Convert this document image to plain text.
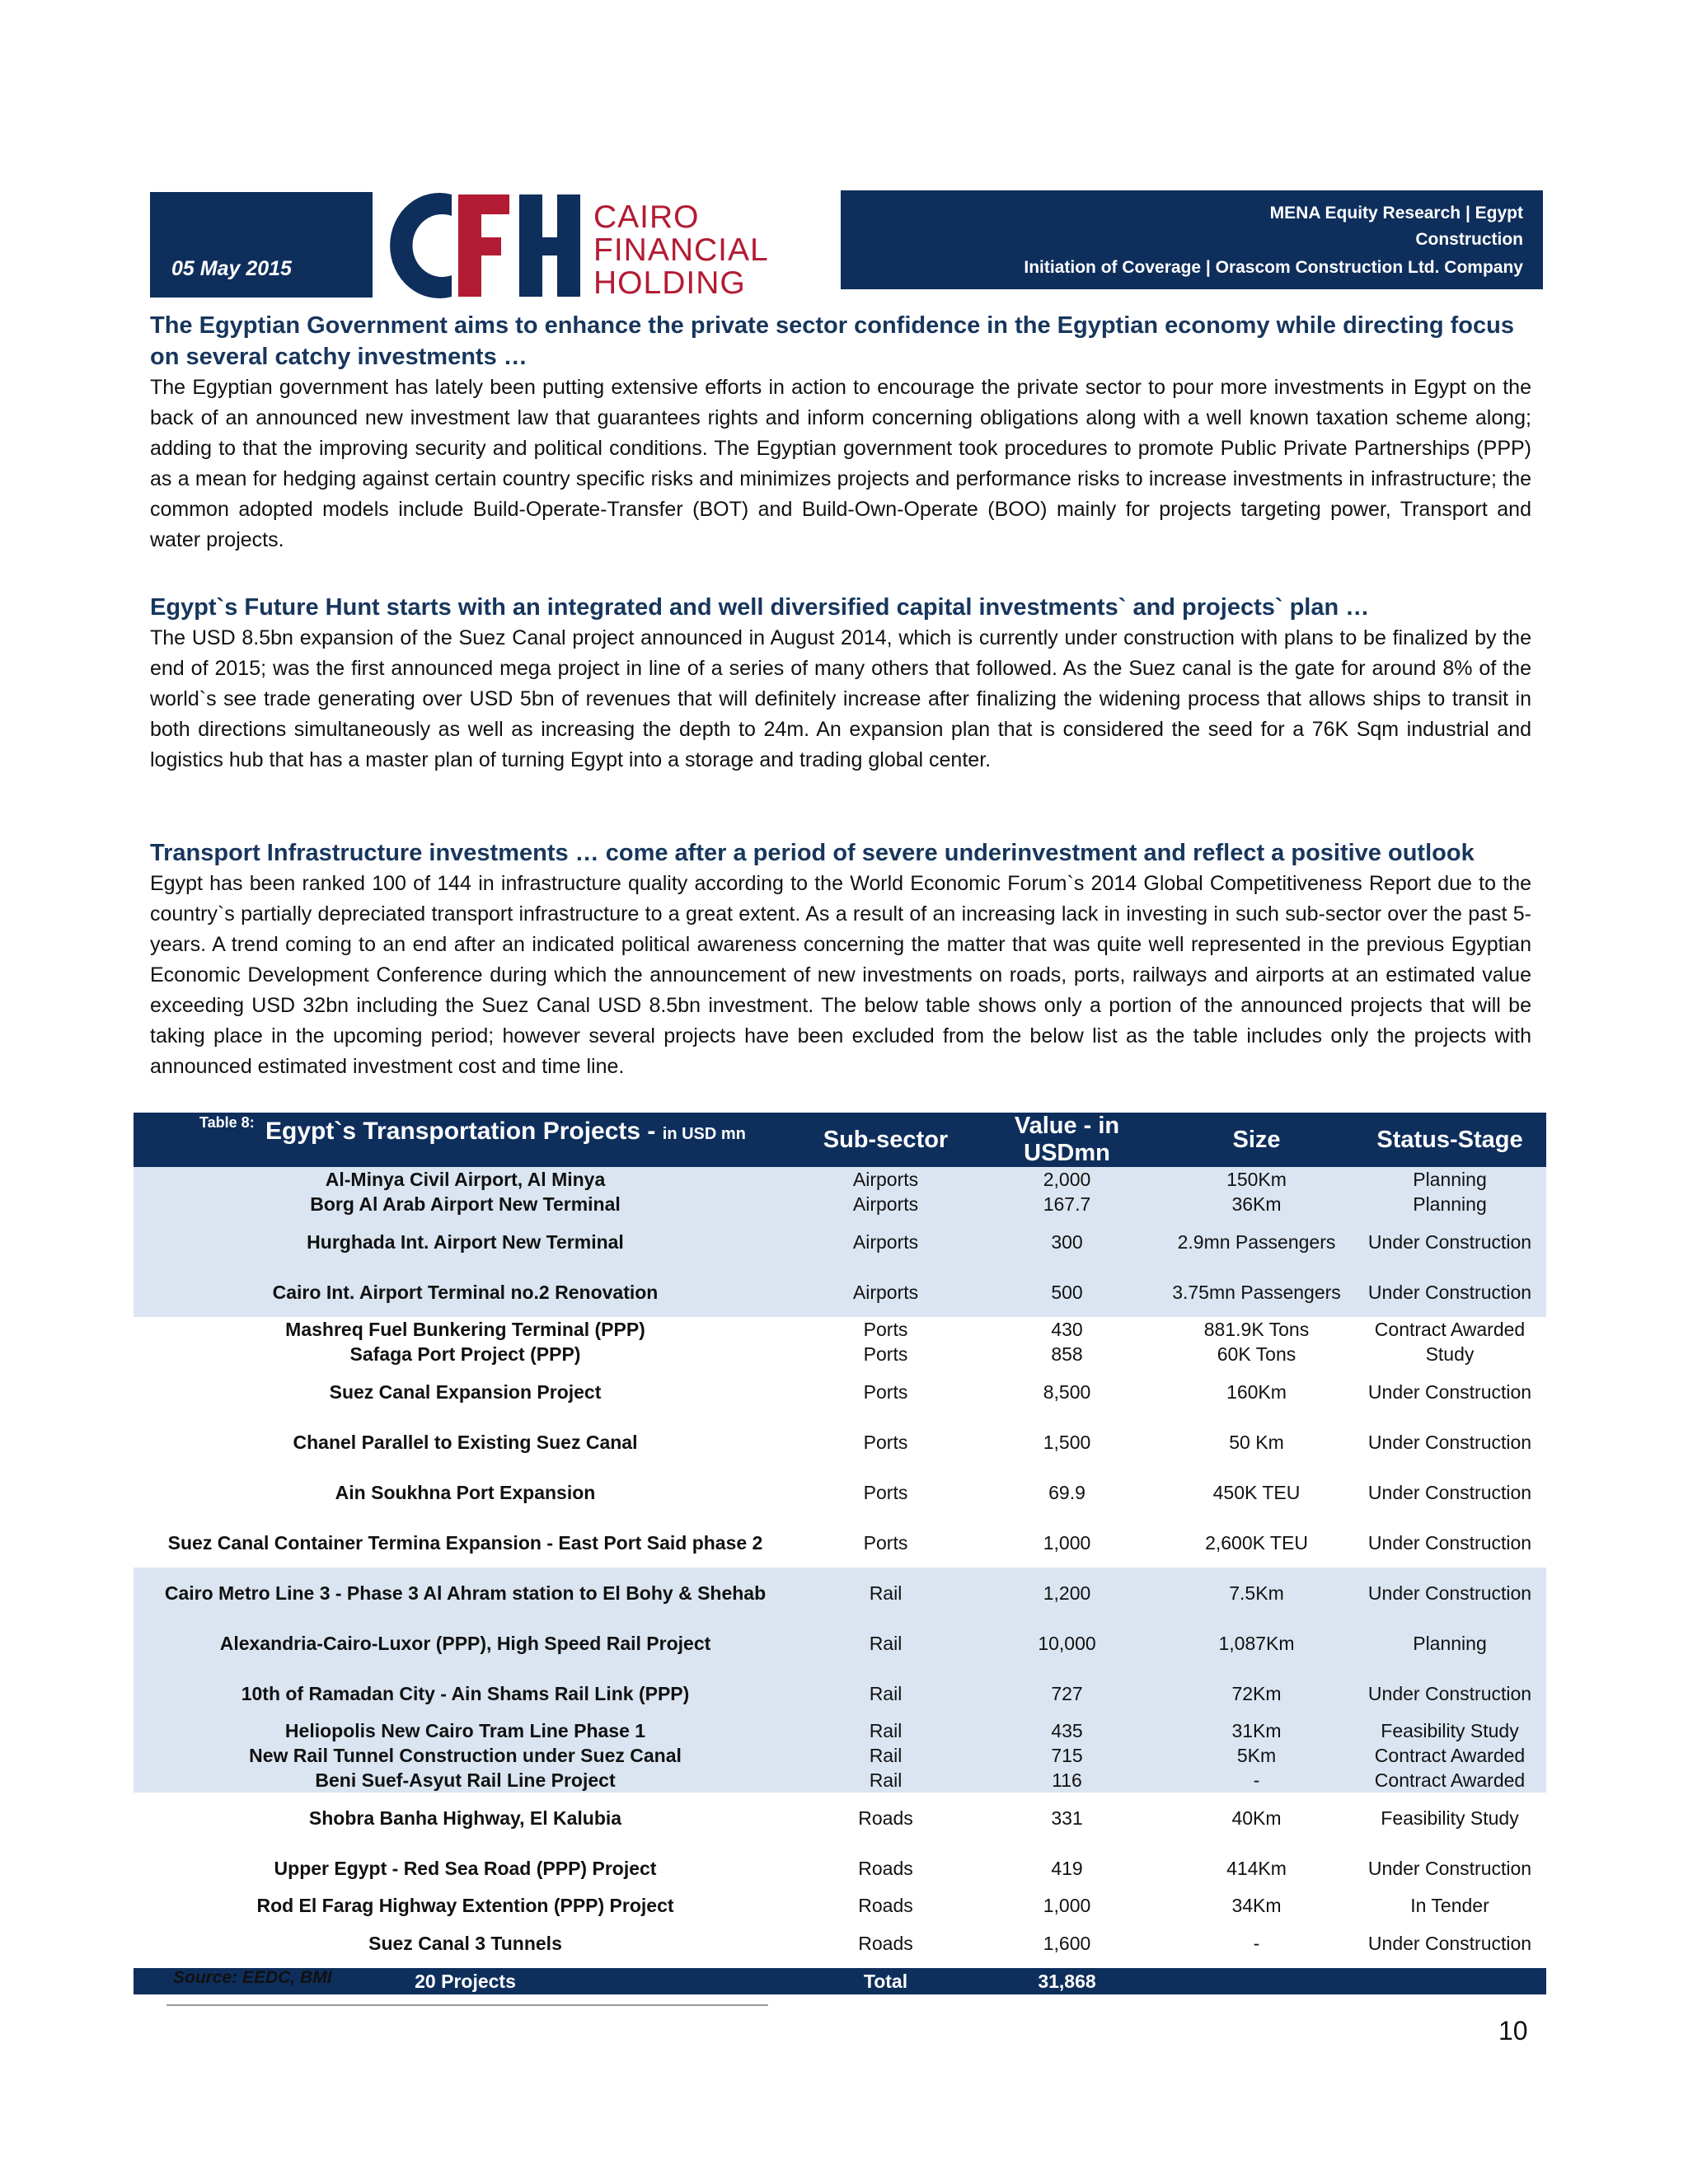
05 May 2015
CAIRO
FINANCIAL
HOLDING
MENA Equity Research | Egypt
Construction
Initiation of Coverage | Orascom Construction Ltd. Company
The Egyptian Government aims to enhance the private sector confidence in the Egyptian economy while directing focus on several catchy investments …

The Egyptian government has lately been putting extensive efforts in action to encourage the private sector to pour more investments in Egypt on the back of an announced new investment law that guarantees rights and inform concerning obligations along with a well known taxation scheme along; adding to that the improving security and political conditions. The Egyptian government took procedures to promote Public Private Partnerships (PPP) as a mean for hedging against certain country specific risks and minimizes projects and performance risks to increase investments in infrastructure; the common adopted models include Build-Operate-Transfer (BOT) and Build-Own-Operate (BOO) mainly for projects targeting power, Transport and water projects.

Egypt`s Future Hunt starts with an integrated and well diversified capital investments` and projects` plan …

The USD 8.5bn expansion of the Suez Canal project announced in August 2014, which is currently under construction with plans to be finalized by the end of 2015; was the first announced mega project in line of a series of many others that followed. As the Suez canal is the gate for around 8% of the world`s see trade generating over USD 5bn of revenues that will definitely increase after finalizing the widening process that allows ships to transit in both directions simultaneously as well as increasing the depth to 24m. An expansion plan that is considered the seed for a 76K Sqm industrial and logistics hub that has a master plan of turning Egypt into a storage and trading global center.

Transport Infrastructure investments … come after a period of severe underinvestment and reflect a positive outlook

Egypt has been ranked 100 of 144 in infrastructure quality according to the World Economic Forum`s 2014 Global Competitiveness Report due to the country`s partially depreciated transport infrastructure to a great extent. As a result of an increasing lack in investing in such sub-sector over the past 5-years. A trend coming to an end after an indicated political awareness concerning the matter that was quite well represented in the previous Egyptian Economic Development Conference during which the announcement of new investments on roads, ports, railways and airports at an estimated value exceeding USD 32bn including the Suez Canal USD 8.5bn investment. The below table shows only a portion of the announced projects that will be taking place in the upcoming period; however several projects have been excluded from the below list as the table includes only the projects with announced estimated investment cost and time line.

Table 8: Egypt`s Transportation Projects - in USD mn	Sub-sector	Value - in USDmn	Size	Status-Stage
Al-Minya Civil Airport, Al Minya	Airports	2,000	150Km	Planning
Borg Al Arab Airport New Terminal	Airports	167.7	36Km	Planning
Hurghada Int. Airport New Terminal	Airports	300	2.9mn Passengers	Under Construction
Cairo Int. Airport Terminal no.2 Renovation	Airports	500	3.75mn Passengers	Under Construction
Mashreq Fuel Bunkering Terminal (PPP)	Ports	430	881.9K Tons	Contract Awarded
Safaga Port Project (PPP)	Ports	858	60K Tons	Study
Suez Canal Expansion Project	Ports	8,500	160Km	Under Construction
Chanel Parallel to Existing Suez Canal	Ports	1,500	50 Km	Under Construction
Ain Soukhna Port Expansion	Ports	69.9	450K TEU	Under Construction
Suez Canal Container Termina Expansion - East Port Said phase 2	Ports	1,000	2,600K TEU	Under Construction
Cairo Metro Line 3 - Phase 3 Al Ahram station to El Bohy & Shehab	Rail	1,200	7.5Km	Under Construction
Alexandria-Cairo-Luxor (PPP), High Speed Rail Project	Rail	10,000	1,087Km	Planning
10th of Ramadan City - Ain Shams Rail Link (PPP)	Rail	727	72Km	Under Construction
Heliopolis New Cairo Tram Line Phase 1	Rail	435	31Km	Feasibility Study
New Rail Tunnel Construction under Suez Canal	Rail	715	5Km	Contract Awarded
Beni Suef-Asyut Rail Line Project	Rail	116	-	Contract Awarded
Shobra Banha Highway, El Kalubia	Roads	331	40Km	Feasibility Study
Upper Egypt - Red Sea Road (PPP) Project	Roads	419	414Km	Under Construction
Rod El Farag Highway Extention (PPP) Project	Roads	1,000	34Km	In Tender
Suez Canal 3 Tunnels	Roads	1,600	-	Under Construction
20 Projects	Total	31,868		
Source: EEDC, BMI
10
